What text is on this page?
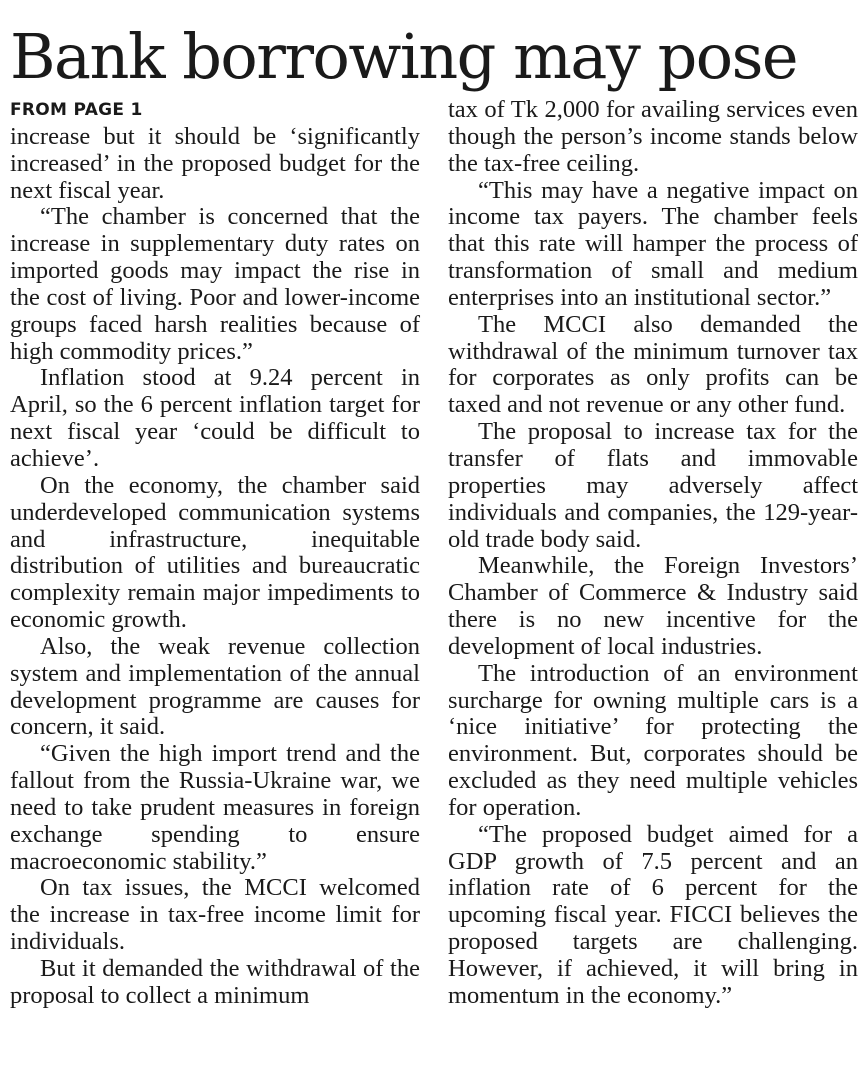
Bank borrowing may pose
FROM PAGE 1

increase but it should be ‘significantly increased’ in the proposed budget for the next fiscal year.

“The chamber is concerned that the increase in supplementary duty rates on imported goods may impact the rise in the cost of living. Poor and lower-income groups faced harsh realities because of high commodity prices.”

Inflation stood at 9.24 percent in April, so the 6 percent inflation target for next fiscal year ‘could be difficult to achieve’.

On the economy, the chamber said underdeveloped communication systems and infrastructure, inequitable distribution of utilities and bureaucratic complexity remain major impediments to economic growth.

Also, the weak revenue collection system and implementation of the annual development programme are causes for concern, it said.

“Given the high import trend and the fallout from the Russia-Ukraine war, we need to take prudent measures in foreign exchange spending to ensure macroeconomic stability.”

On tax issues, the MCCI welcomed the increase in tax-free income limit for individuals.

But it demanded the withdrawal of the proposal to collect a minimum

tax of Tk 2,000 for availing services even though the person’s income stands below the tax-free ceiling.

“This may have a negative impact on income tax payers. The chamber feels that this rate will hamper the process of transformation of small and medium enterprises into an institutional sector.”

The MCCI also demanded the withdrawal of the minimum turnover tax for corporates as only profits can be taxed and not revenue or any other fund.

The proposal to increase tax for the transfer of flats and immovable properties may adversely affect individuals and companies, the 129-year-old trade body said.

Meanwhile, the Foreign Investors’ Chamber of Commerce & Industry said there is no new incentive for the development of local industries.

The introduction of an environment surcharge for owning multiple cars is a ‘nice initiative’ for protecting the environment. But, corporates should be excluded as they need multiple vehicles for operation.

“The proposed budget aimed for a GDP growth of 7.5 percent and an inflation rate of 6 percent for the upcoming fiscal year. FICCI believes the proposed targets are challenging. However, if achieved, it will bring in momentum in the economy.”
